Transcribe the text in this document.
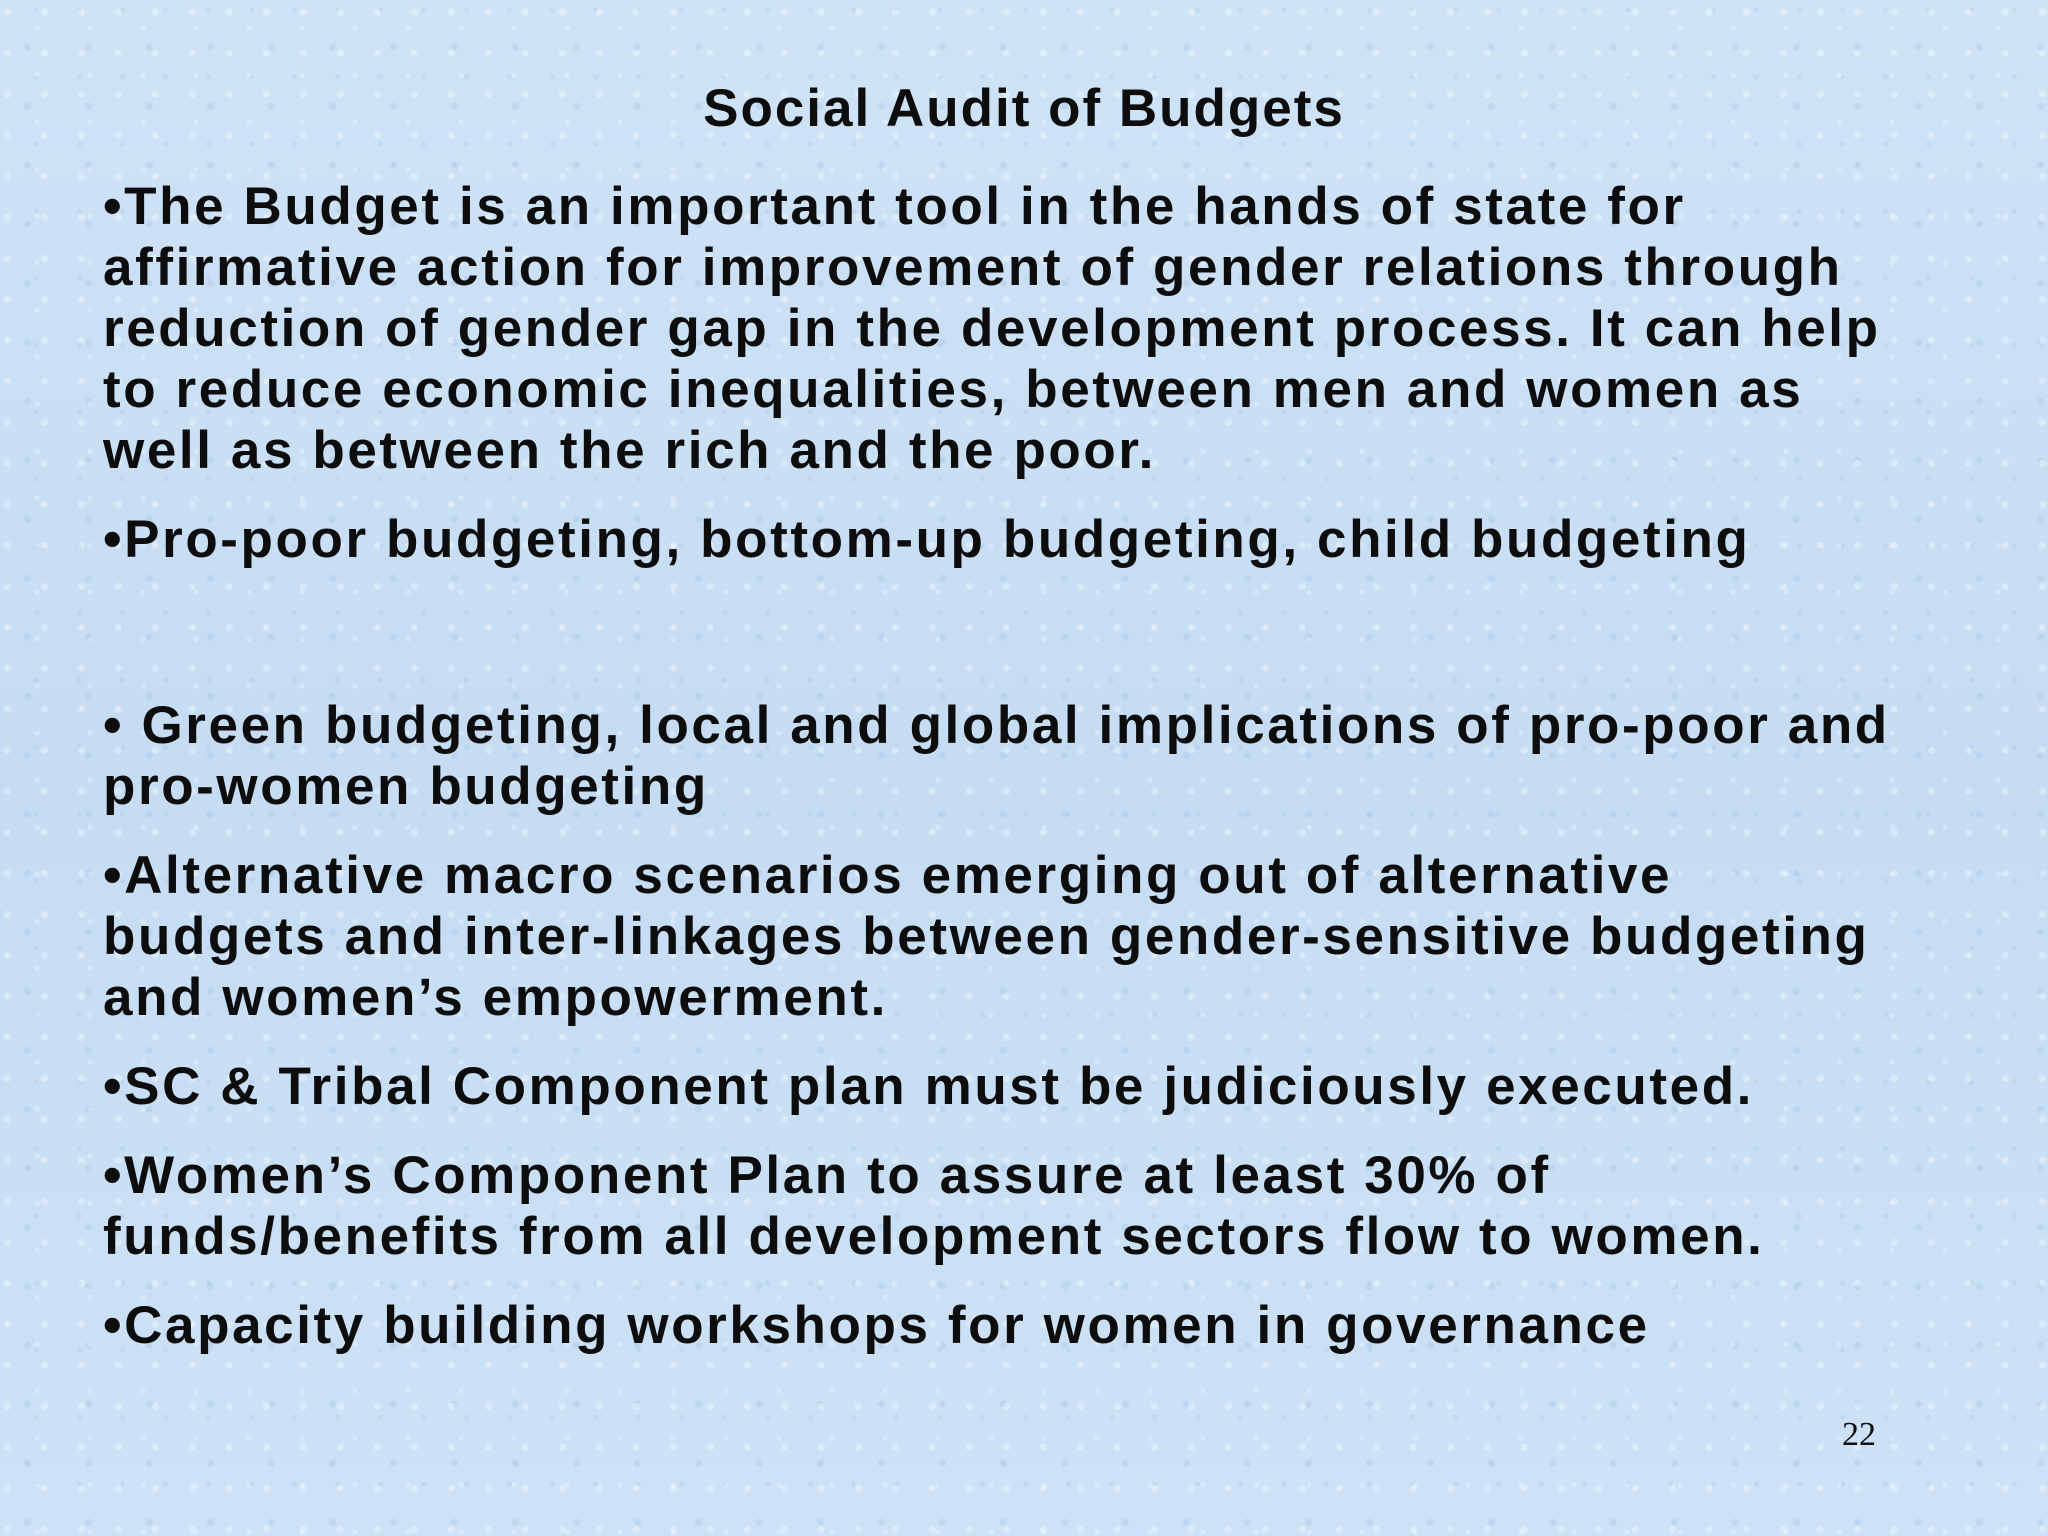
Social Audit of Budgets
•The Budget is an important tool in the hands of state for
affirmative action for improvement of gender relations through
reduction of gender gap in the development process. It can help
to reduce economic inequalities, between men and women as
well as between the rich and the poor.
•Pro-poor budgeting, bottom-up budgeting, child budgeting
• Green budgeting, local and global implications of pro-poor and
pro-women budgeting
•Alternative macro scenarios emerging out of alternative
budgets and inter-linkages between gender-sensitive budgeting
and women’s empowerment.
•SC & Tribal Component plan must be judiciously executed.
•Women’s Component Plan to assure at least 30% of
funds/benefits from all development sectors flow to women.
•Capacity building workshops for women in governance
22
